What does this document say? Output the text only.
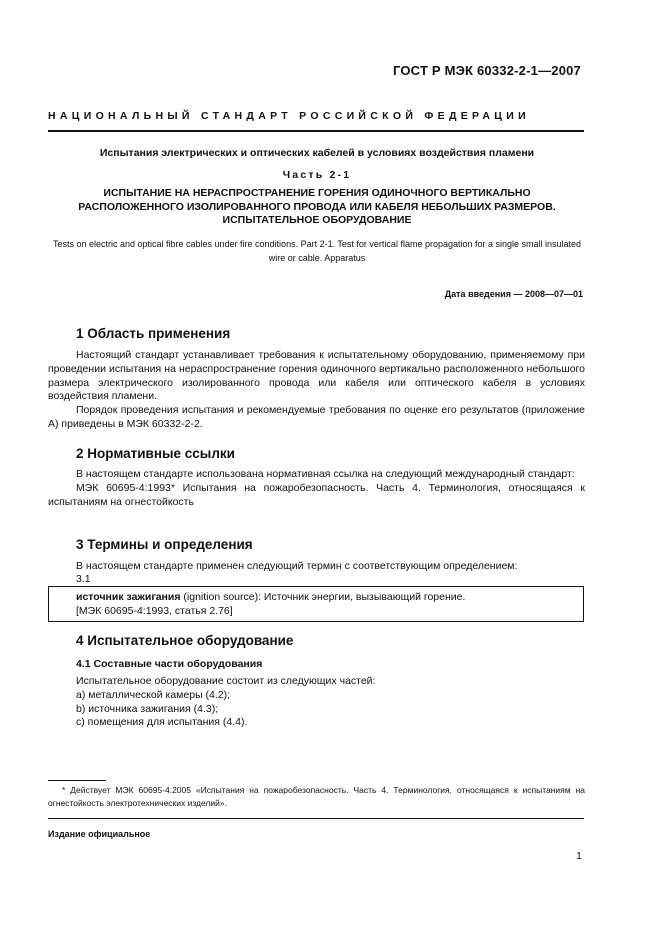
ГОСТ Р МЭК 60332-2-1—2007
НАЦИОНАЛЬНЫЙ СТАНДАРТ РОССИЙСКОЙ ФЕДЕРАЦИИ
Испытания электрических и оптических кабелей в условиях воздействия пламени
Часть 2-1
ИСПЫТАНИЕ НА НЕРАСПРОСТРАНЕНИЕ ГОРЕНИЯ ОДИНОЧНОГО ВЕРТИКАЛЬНО РАСПОЛОЖЕННОГО ИЗОЛИРОВАННОГО ПРОВОДА ИЛИ КАБЕЛЯ НЕБОЛЬШИХ РАЗМЕРОВ. ИСПЫТАТЕЛЬНОЕ ОБОРУДОВАНИЕ
Tests on electric and optical fibre cables under fire conditions. Part 2-1. Test for vertical flame propagation for a single small insulated wire or cable. Apparatus
Дата введения — 2008—07—01
1 Область применения

Настоящий стандарт устанавливает требования к испытательному оборудованию, применяемому при проведении испытания на нераспространение горения одиночного вертикально расположенного небольшого размера электрического изолированного провода или кабеля или оптического кабеля в условиях воздействия пламени.

Порядок проведения испытания и рекомендуемые требования по оценке его результатов (приложение А) приведены в МЭК 60332-2-2.

2 Нормативные ссылки

В настоящем стандарте использована нормативная ссылка на следующий международный стандарт:

МЭК 60695-4:1993* Испытания на пожаробезопасность. Часть 4. Терминология, относящаяся к испытаниям на огнестойкость

3 Термины и определения
В настоящем стандарте применен следующий термин с соответствующим определением:
3.1
источник зажигания (ignition source): Источник энергии, вызывающий горение.
[МЭК 60695-4:1993, статья 2.76]
4 Испытательное оборудование
4.1 Составные части оборудования
Испытательное оборудование состоит из следующих частей:
а) металлической камеры (4.2);
b) источника зажигания (4.3);
с) помещения для испытания (4.4).
* Действует МЭК 60695-4.2005 «Испытания на пожаробезопасность. Часть 4. Терминология, относящаяся к испытаниям на огнестойкость электротехнических изделий».
Издание официальное
1
